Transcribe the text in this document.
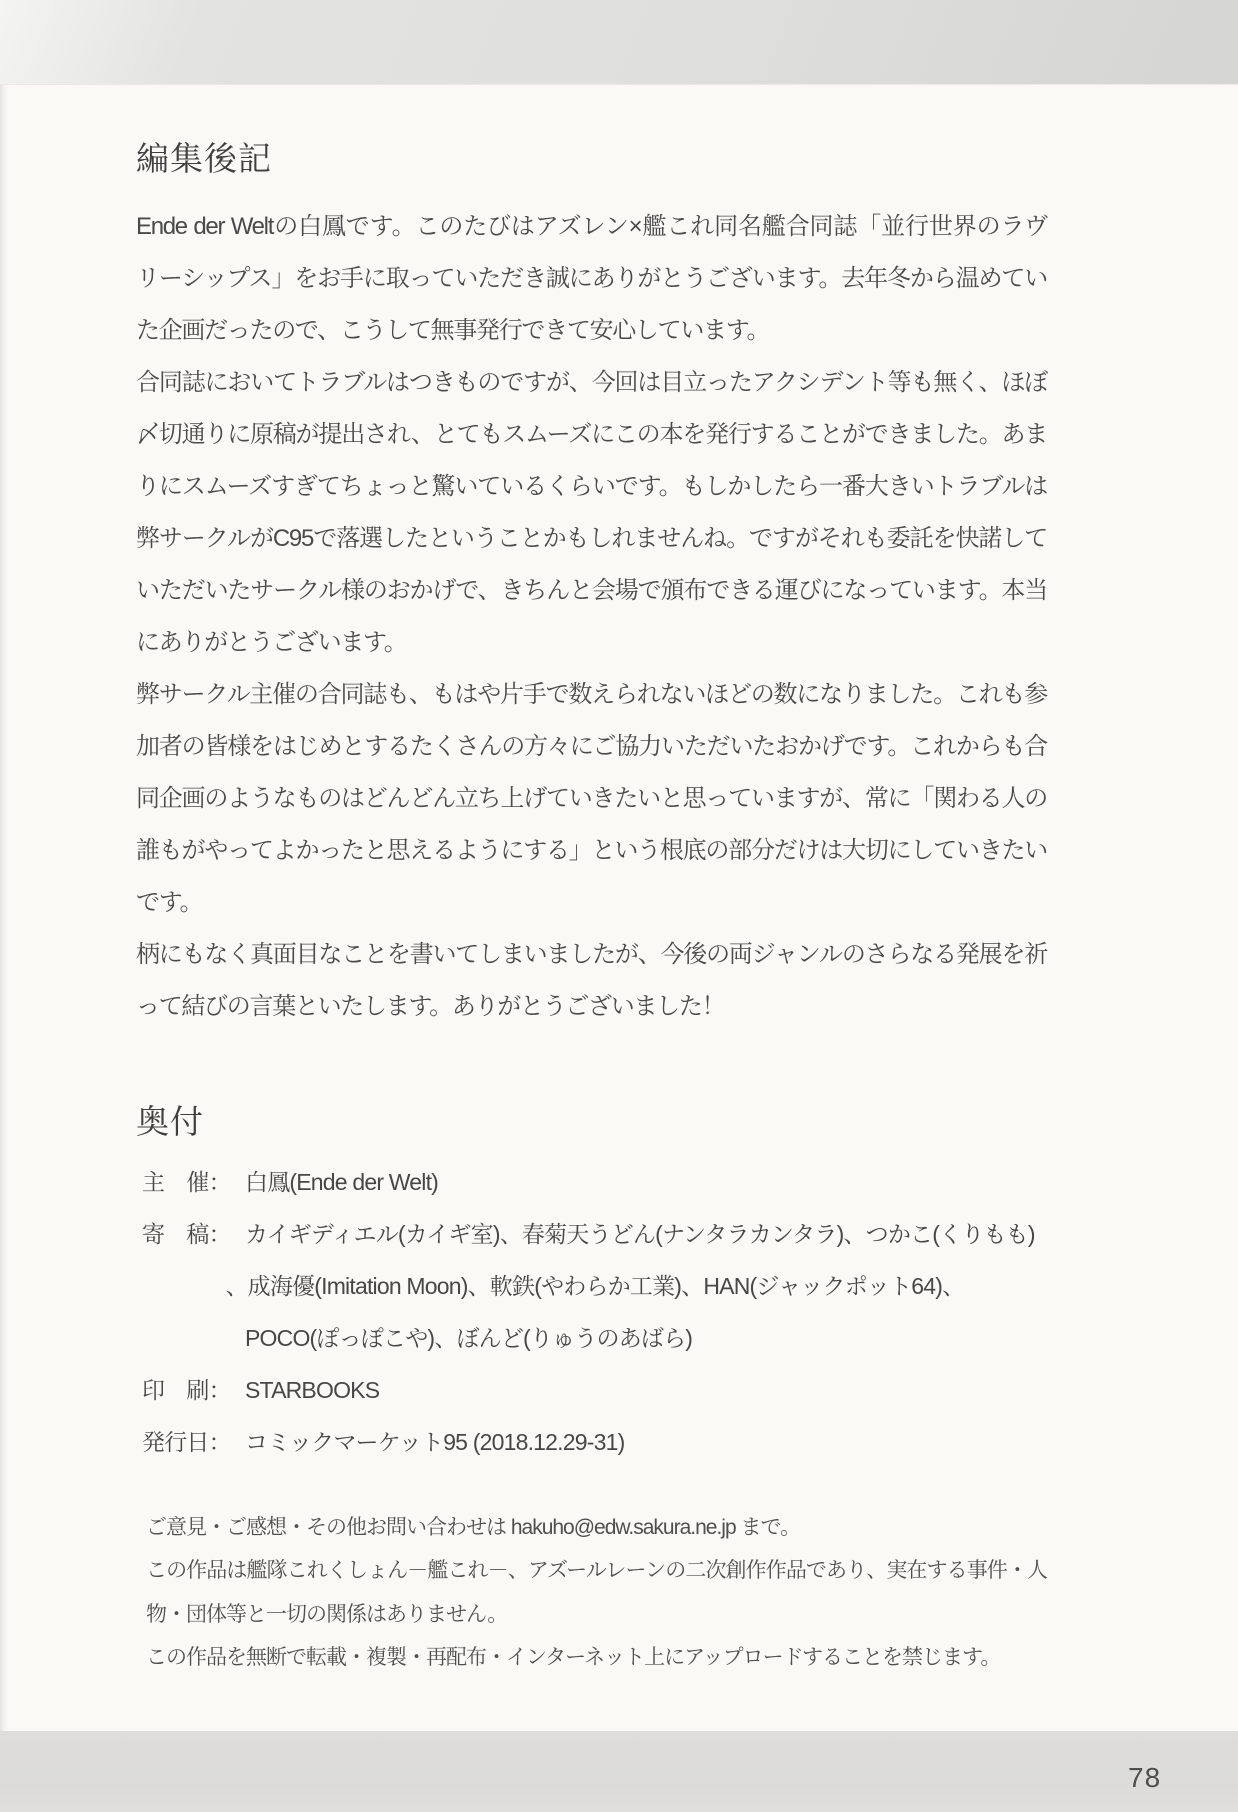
編集後記
Ende der Weltの白鳳です。このたびはアズレン×艦これ同名艦合同誌「並行世界のラヴ
リーシップス」をお手に取っていただき誠にありがとうございます。去年冬から温めてい
た企画だったので、こうして無事発行できて安心しています。
合同誌においてトラブルはつきものですが、今回は目立ったアクシデント等も無く、ほぼ
〆切通りに原稿が提出され、とてもスムーズにこの本を発行することができました。あま
りにスムーズすぎてちょっと驚いているくらいです。もしかしたら一番大きいトラブルは
弊サークルがC95で落選したということかもしれませんね。ですがそれも委託を快諾して
いただいたサークル様のおかげで、きちんと会場で頒布できる運びになっています。本当
にありがとうございます。
弊サークル主催の合同誌も、もはや片手で数えられないほどの数になりました。これも参
加者の皆様をはじめとするたくさんの方々にご協力いただいたおかげです。これからも合
同企画のようなものはどんどん立ち上げていきたいと思っていますが、常に「関わる人の
誰もがやってよかったと思えるようにする」という根底の部分だけは大切にしていきたい
です。
柄にもなく真面目なことを書いてしまいましたが、今後の両ジャンルのさらなる発展を祈
って結びの言葉といたします。ありがとうございました！
奥付
主　催： 白鳳(Ende der Welt)
寄　稿： カイギディエル(カイギ室)、春菊天うどん(ナンタラカンタラ)、つかこ(くりもも)
、成海優(Imitation Moon)、軟鉄(やわらか工業)、HAN(ジャックポット64)、
POCO(ぽっぽこや)、ぼんど(りゅうのあばら)
印　刷： STARBOOKS
発行日： コミックマーケット95 (2018.12.29-31)
ご意見・ご感想・その他お問い合わせは hakuho@edw.sakura.ne.jp まで。
この作品は艦隊これくしょん－艦これ－、アズールレーンの二次創作作品であり、実在する事件・人
物・団体等と一切の関係はありません。
この作品を無断で転載・複製・再配布・インターネット上にアップロードすることを禁じます。
78
